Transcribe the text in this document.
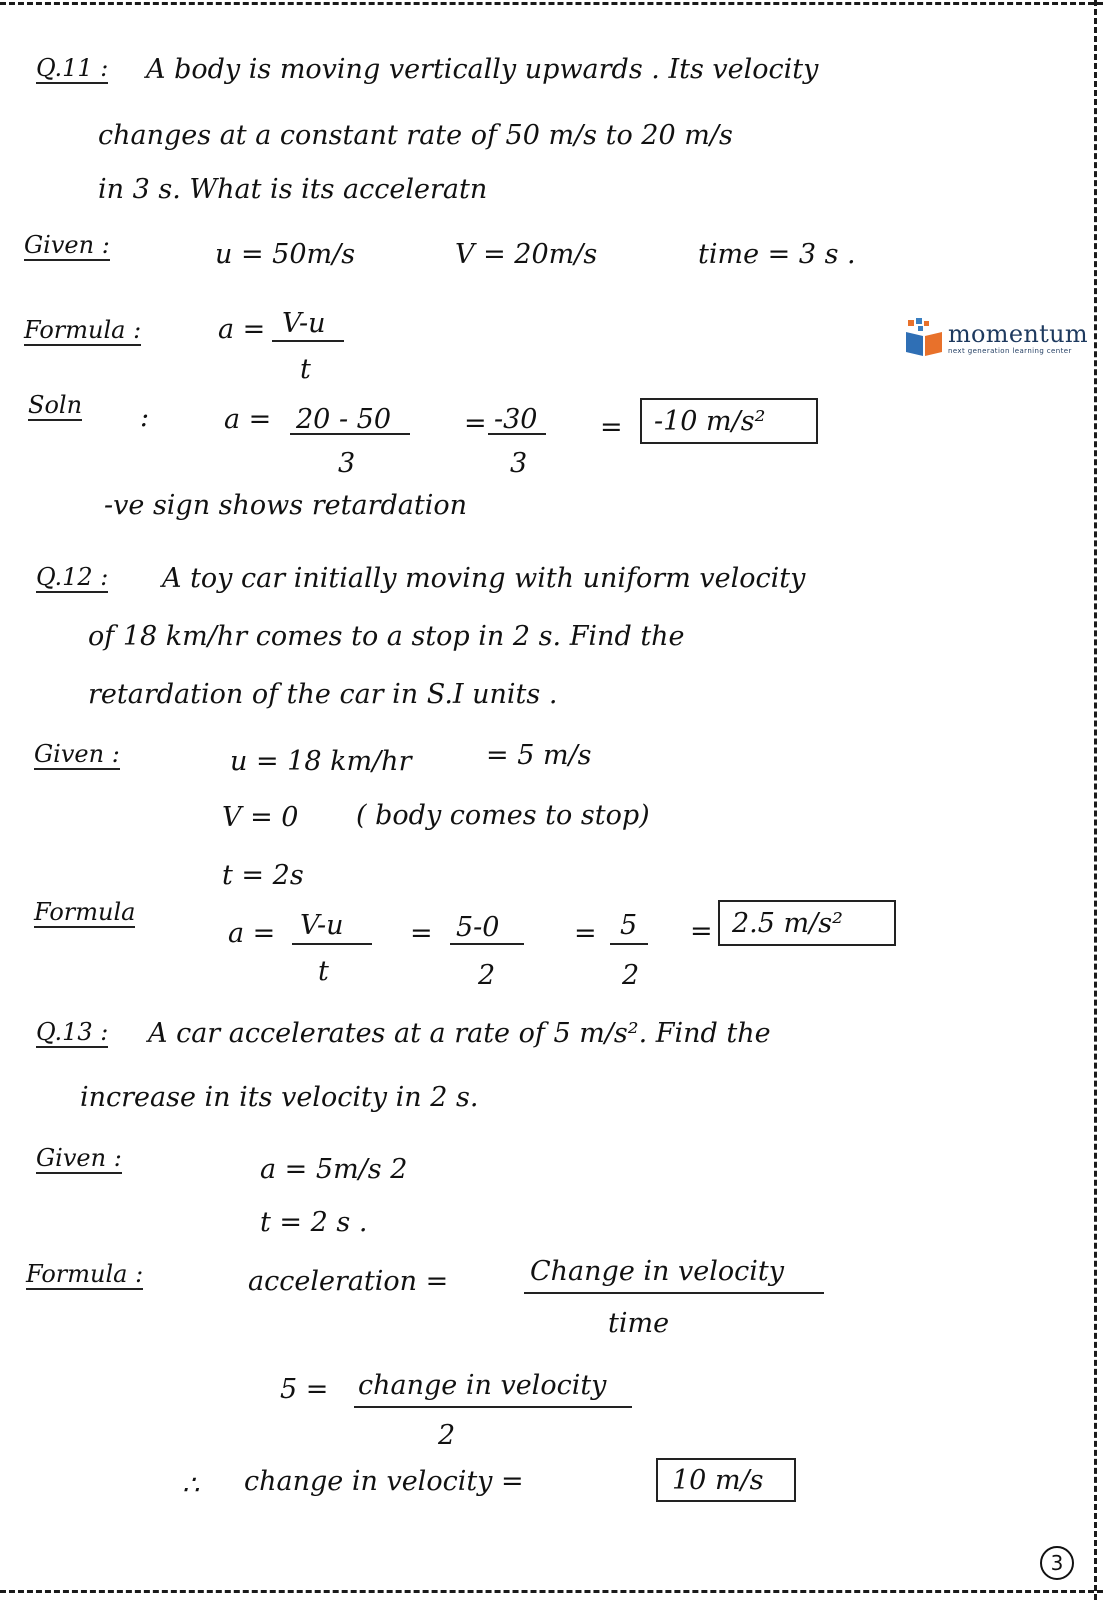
momentum
next generation learning center
Q.11 : A body is moving vertically upwards . Its velocity
changes at a constant rate of 50 m/s to 20 m/s
in 3 s. What is its acceleratn
Given :	u = 50m/s	V = 20m/s	time = 3 s .
Formula :	a = V-u
t
Soln :	a = 20 - 50
3
= -30
3
= -10 m/s²
-ve sign shows retardation
Q.12 : A toy car initially moving with uniform velocity
of 18 km/hr comes to a stop in 2 s. Find the
retardation of the car in S.I units .
Given :	u = 18 km/hr	= 5 m/s
V = 0 ( body comes to stop)
t = 2s
Formula
a = V-u
t
= 5-0
2
= 5
2
= 2.5 m/s²
Q.13 : A car accelerates at a rate of 5 m/s². Find the
increase in its velocity in 2 s.
Given :	a = 5m/s 2
t = 2 s .
Formula :	acceleration =	Change in velocity
time
5 = change in velocity
2
∴ change in velocity =	10 m/s
3
